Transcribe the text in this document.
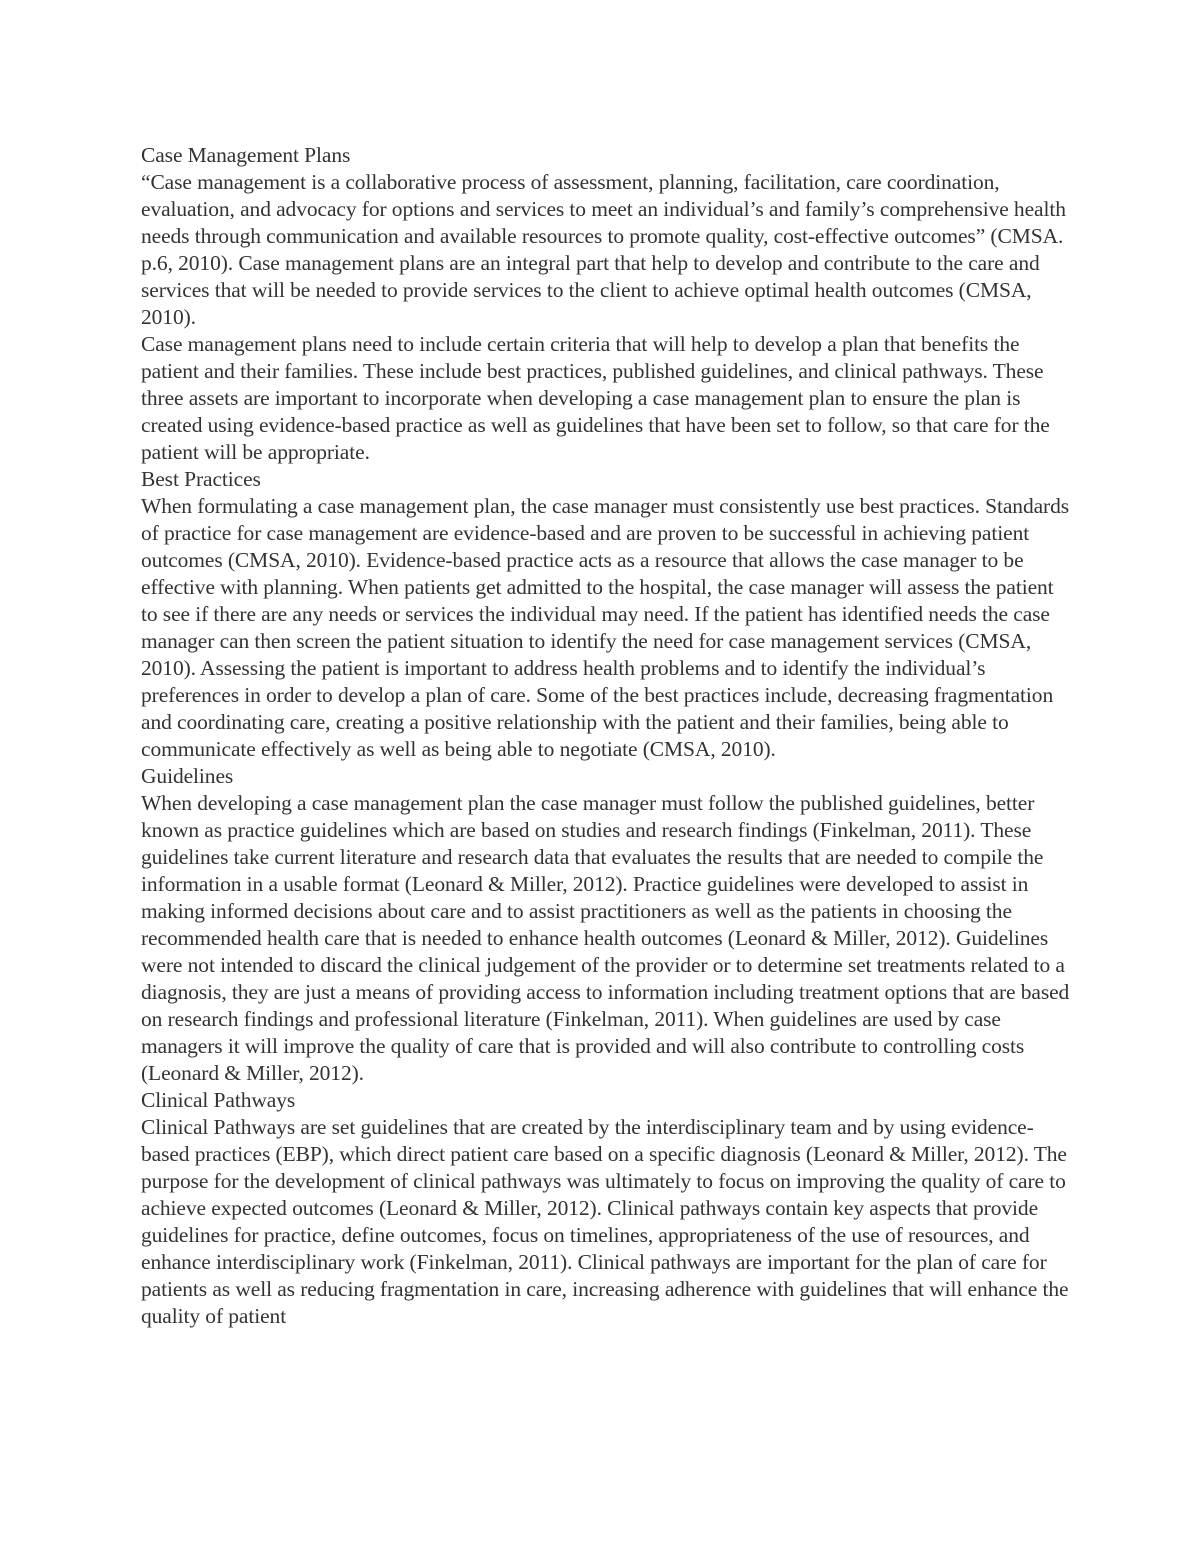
Case Management Plans

“Case management is a collaborative process of assessment, planning, facilitation, care coordination, evaluation, and advocacy for options and services to meet an individual’s and family’s comprehensive health needs through communication and available resources to promote quality, cost-effective outcomes” (CMSA. p.6, 2010). Case management plans are an integral part that help to develop and contribute to the care and services that will be needed to provide services to the client to achieve optimal health outcomes (CMSA, 2010).

Case management plans need to include certain criteria that will help to develop a plan that benefits the patient and their families. These include best practices, published guidelines, and clinical pathways. These three assets are important to incorporate when developing a case management plan to ensure the plan is created using evidence-based practice as well as guidelines that have been set to follow, so that care for the patient will be appropriate.

Best Practices

When formulating a case management plan, the case manager must consistently use best practices. Standards of practice for case management are evidence-based and are proven to be successful in achieving patient outcomes (CMSA, 2010). Evidence-based practice acts as a resource that allows the case manager to be effective with planning. When patients get admitted to the hospital, the case manager will assess the patient to see if there are any needs or services the individual may need. If the patient has identified needs the case manager can then screen the patient situation to identify the need for case management services (CMSA, 2010). Assessing the patient is important to address health problems and to identify the individual’s preferences in order to develop a plan of care. Some of the best practices include, decreasing fragmentation and coordinating care, creating a positive relationship with the patient and their families, being able to communicate effectively as well as being able to negotiate (CMSA, 2010).

Guidelines

When developing a case management plan the case manager must follow the published guidelines, better known as practice guidelines which are based on studies and research findings (Finkelman, 2011). These guidelines take current literature and research data that evaluates the results that are needed to compile the information in a usable format (Leonard & Miller, 2012). Practice guidelines were developed to assist in making informed decisions about care and to assist practitioners as well as the patients in choosing the recommended health care that is needed to enhance health outcomes (Leonard & Miller, 2012). Guidelines were not intended to discard the clinical judgement of the provider or to determine set treatments related to a diagnosis, they are just a means of providing access to information including treatment options that are based on research findings and professional literature (Finkelman, 2011). When guidelines are used by case managers it will improve the quality of care that is provided and will also contribute to controlling costs (Leonard & Miller, 2012).

Clinical Pathways

Clinical Pathways are set guidelines that are created by the interdisciplinary team and by using evidence-based practices (EBP), which direct patient care based on a specific diagnosis (Leonard & Miller, 2012). The purpose for the development of clinical pathways was ultimately to focus on improving the quality of care to achieve expected outcomes (Leonard & Miller, 2012). Clinical pathways contain key aspects that provide guidelines for practice, define outcomes, focus on timelines, appropriateness of the use of resources, and enhance interdisciplinary work (Finkelman, 2011). Clinical pathways are important for the plan of care for patients as well as reducing fragmentation in care, increasing adherence with guidelines that will enhance the quality of patient
